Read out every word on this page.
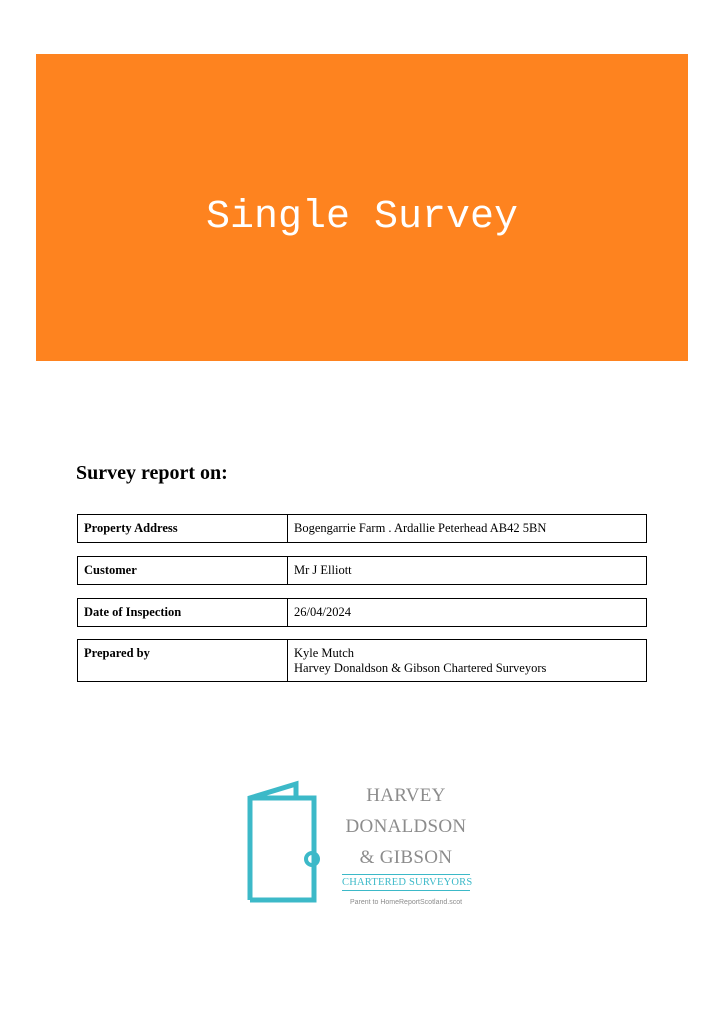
Single Survey
Survey report on:
Property Address	Bogengarrie Farm . Ardallie Peterhead AB42 5BN
Customer	Mr J Elliott
Date of Inspection	26/04/2024
Prepared by	Kyle Mutch
Harvey Donaldson & Gibson Chartered Surveyors
HARVEY
DONALDSON
& GIBSON
CHARTERED SURVEYORS
Parent to HomeReportScotland.scot
